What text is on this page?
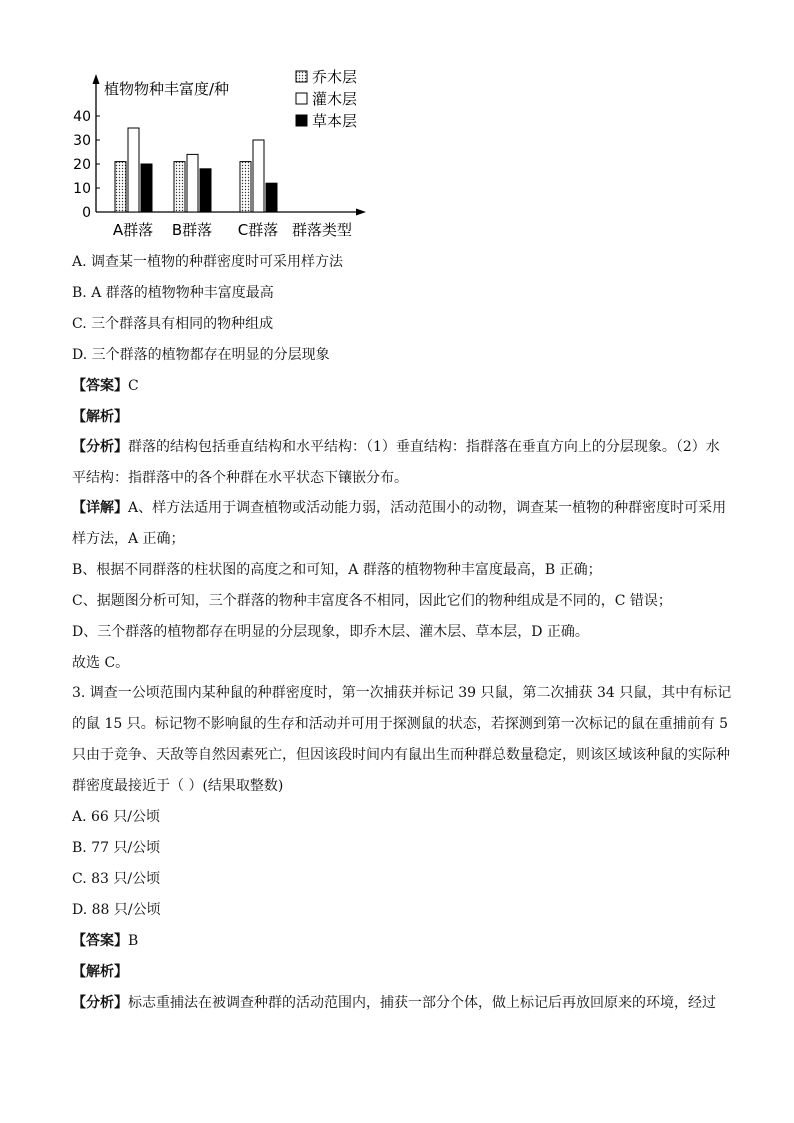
0
10
20
30
40
植物物种丰富度/种
A群落 B群落 C群落 群落类型
乔木层
灌木层
草本层
A. 调查某一植物的种群密度时可采用样方法
B. A 群落的植物物种丰富度最高
C. 三个群落具有相同的物种组成
D. 三个群落的植物都存在明显的分层现象
【答案】C
【解析】
【分析】群落的结构包括垂直结构和水平结构：（1）垂直结构：指群落在垂直方向上的分层现象。（2）水平结构：指群落中的各个种群在水平状态下镶嵌分布。
【详解】A、样方法适用于调查植物或活动能力弱，活动范围小的动物，调查某一植物的种群密度时可采用样方法，A 正确；
B、根据不同群落的柱状图的高度之和可知，A 群落的植物物种丰富度最高，B 正确；
C、据题图分析可知，三个群落的物种丰富度各不相同，因此它们的物种组成是不同的，C 错误；
D、三个群落的植物都存在明显的分层现象，即乔木层、灌木层、草本层，D 正确。
故选 C。
3. 调查一公顷范围内某种鼠的种群密度时，第一次捕获并标记 39 只鼠，第二次捕获 34 只鼠，其中有标记的鼠 15 只。标记物不影响鼠的生存和活动并可用于探测鼠的状态，若探测到第一次标记的鼠在重捕前有 5 只由于竞争、天敌等自然因素死亡，但因该段时间内有鼠出生而种群总数量稳定，则该区域该种鼠的实际种群密度最接近于（ ）(结果取整数)
A. 66 只/公顷
B. 77 只/公顷
C. 83 只/公顷
D. 88 只/公顷
【答案】B
【解析】
【分析】标志重捕法在被调查种群的活动范围内，捕获一部分个体，做上标记后再放回原来的环境，经过
